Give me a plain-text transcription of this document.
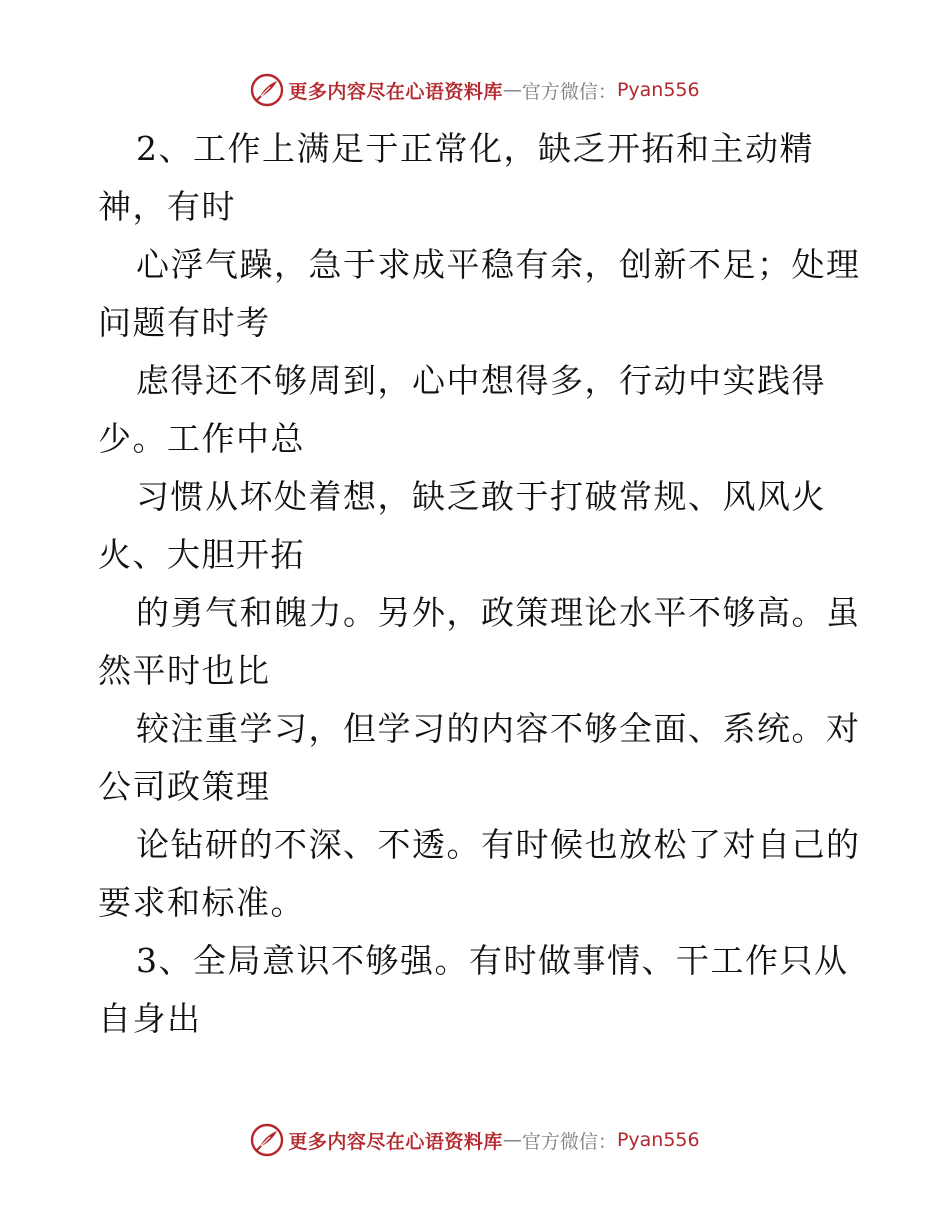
更多内容尽在心语资料库 — 官方微信： Pyan556
2、工作上满足于正常化，缺乏开拓和主动精
神，有时
心浮气躁，急于求成平稳有余，创新不足；处理
问题有时考
虑得还不够周到，心中想得多，行动中实践得
少。工作中总
习惯从坏处着想，缺乏敢于打破常规、风风火
火、大胆开拓
的勇气和魄力。另外，政策理论水平不够高。虽
然平时也比
较注重学习，但学习的内容不够全面、系统。对
公司政策理
论钻研的不深、不透。有时候也放松了对自己的
要求和标准。
3、全局意识不够强。有时做事情、干工作只从
自身出
更多内容尽在心语资料库 — 官方微信： Pyan556
